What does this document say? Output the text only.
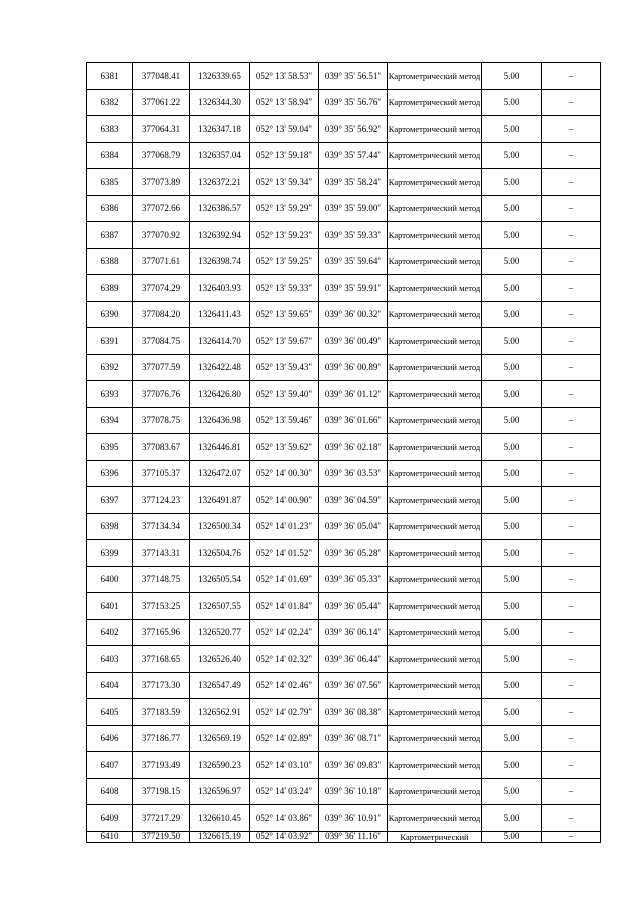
6381	377048.41	1326339.65	052° 13' 58.53"	039° 35' 56.51"	Картометрический метод	5.00	–
6382	377061.22	1326344.30	052° 13' 58.94"	039° 35' 56.76"	Картометрический метод	5.00	–
6383	377064.31	1326347.18	052° 13' 59.04"	039° 35' 56.92"	Картометрический метод	5.00	–
6384	377068.79	1326357.04	052° 13' 59.18"	039° 35' 57.44"	Картометрический метод	5.00	–
6385	377073.89	1326372.21	052° 13' 59.34"	039° 35' 58.24"	Картометрический метод	5.00	–
6386	377072.66	1326386.57	052° 13' 59.29"	039° 35' 59.00"	Картометрический метод	5.00	–
6387	377070.92	1326392.94	052° 13' 59.23"	039° 35' 59.33"	Картометрический метод	5.00	–
6388	377071.61	1326398.74	052° 13' 59.25"	039° 35' 59.64"	Картометрический метод	5.00	–
6389	377074.29	1326403.93	052° 13' 59.33"	039° 35' 59.91"	Картометрический метод	5.00	–
6390	377084.20	1326411.43	052° 13' 59.65"	039° 36' 00.32"	Картометрический метод	5.00	–
6391	377084.75	1326414.70	052° 13' 59.67"	039° 36' 00.49"	Картометрический метод	5.00	–
6392	377077.59	1326422.48	052° 13' 59.43"	039° 36' 00.89"	Картометрический метод	5.00	–
6393	377076.76	1326426.80	052° 13' 59.40"	039° 36' 01.12"	Картометрический метод	5.00	–
6394	377078.75	1326436.98	052° 13' 59.46"	039° 36' 01.66"	Картометрический метод	5.00	–
6395	377083.67	1326446.81	052° 13' 59.62"	039° 36' 02.18"	Картометрический метод	5.00	–
6396	377105.37	1326472.07	052° 14' 00.30"	039° 36' 03.53"	Картометрический метод	5.00	–
6397	377124.23	1326491.87	052° 14' 00.90"	039° 36' 04.59"	Картометрический метод	5.00	–
6398	377134.34	1326500.34	052° 14' 01.23"	039° 36' 05.04"	Картометрический метод	5.00	–
6399	377143.31	1326504.76	052° 14' 01.52"	039° 36' 05.28"	Картометрический метод	5.00	–
6400	377148.75	1326505.54	052° 14' 01.69"	039° 36' 05.33"	Картометрический метод	5.00	–
6401	377153.25	1326507.55	052° 14' 01.84"	039° 36' 05.44"	Картометрический метод	5.00	–
6402	377165.96	1326520.77	052° 14' 02.24"	039° 36' 06.14"	Картометрический метод	5.00	–
6403	377168.65	1326526.40	052° 14' 02.32"	039° 36' 06.44"	Картометрический метод	5.00	–
6404	377173.30	1326547.49	052° 14' 02.46"	039° 36' 07.56"	Картометрический метод	5.00	–
6405	377183.59	1326562.91	052° 14' 02.79"	039° 36' 08.38"	Картометрический метод	5.00	–
6406	377186.77	1326569.19	052° 14' 02.89"	039° 36' 08.71"	Картометрический метод	5.00	–
6407	377193.49	1326590.23	052° 14' 03.10"	039° 36' 09.83"	Картометрический метод	5.00	–
6408	377198.15	1326596.97	052° 14' 03.24"	039° 36' 10.18"	Картометрический метод	5.00	–
6409	377217.29	1326610.45	052° 14' 03.86"	039° 36' 10.91"	Картометрический метод	5.00	–
6410	377219.50	1326615.19	052° 14' 03.92"	039° 36' 11.16"	Картометрический	5.00	–
